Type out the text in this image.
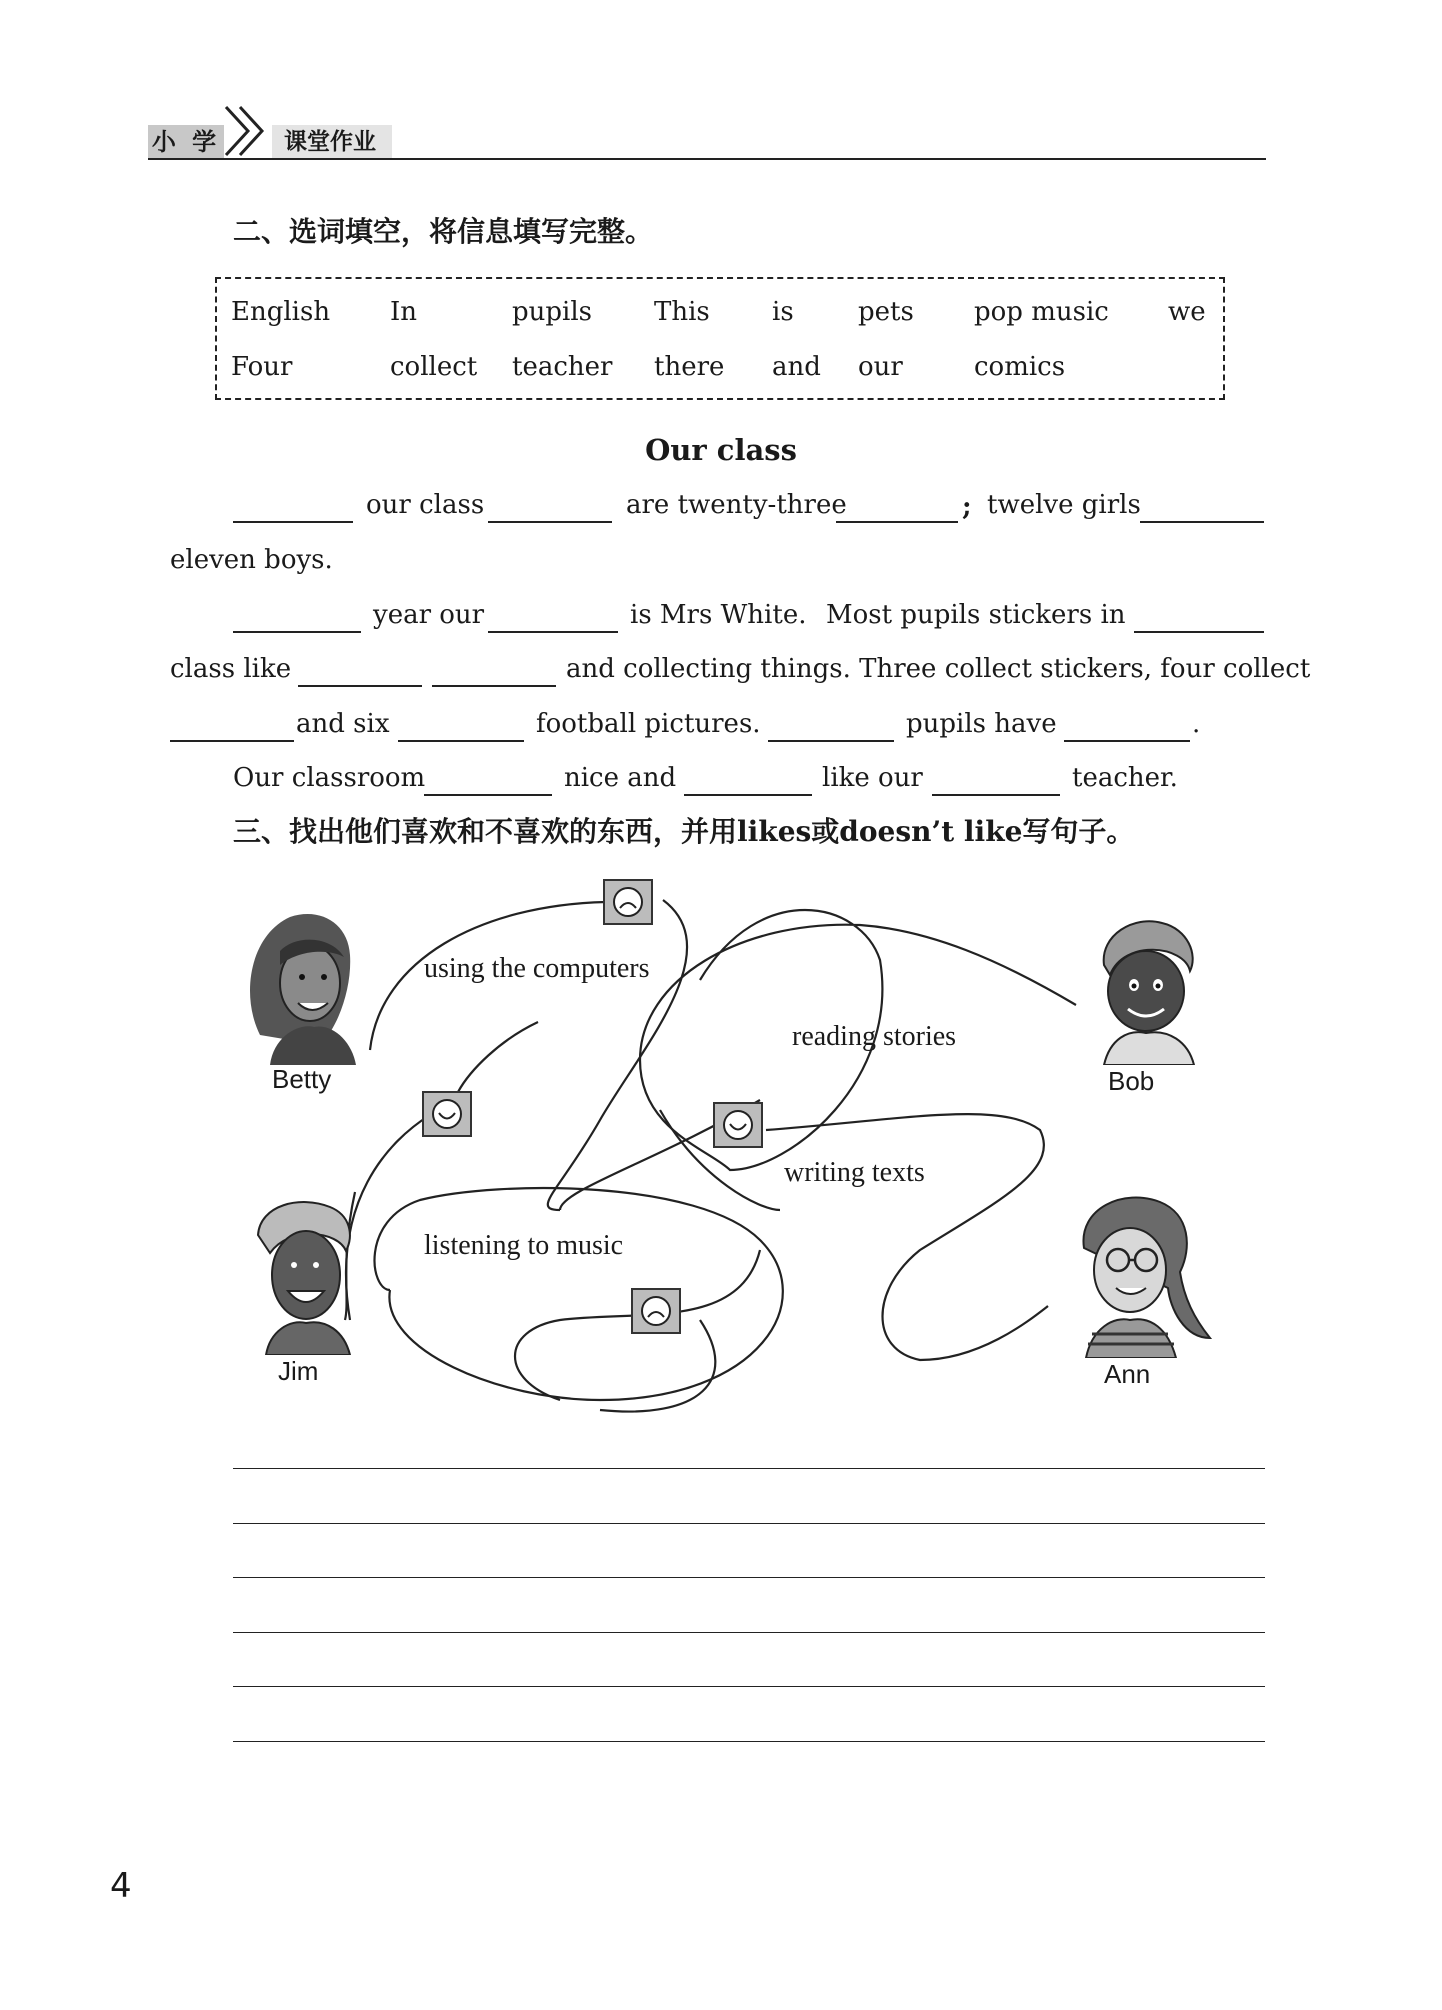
小 学	课堂作业
二、选词填空，将信息填写完整。
English In	pupils This is pets pop music we
Four	collect teacher there and our	comics
Our class
our class	are twenty-three	; twelve girls
eleven boys.
year our	is Mrs White. Most pupils stickers in
class like	and collecting things. Three collect stickers, four collect
and six	football pictures.	pupils have	.
Our classroom	nice and	like our	teacher.
三、找出他们喜欢和不喜欢的东西，并用likes或doesn’t like写句子。
using the computers
reading stories
writing texts
listening to music
Betty	Bob
Jim	Ann
4
